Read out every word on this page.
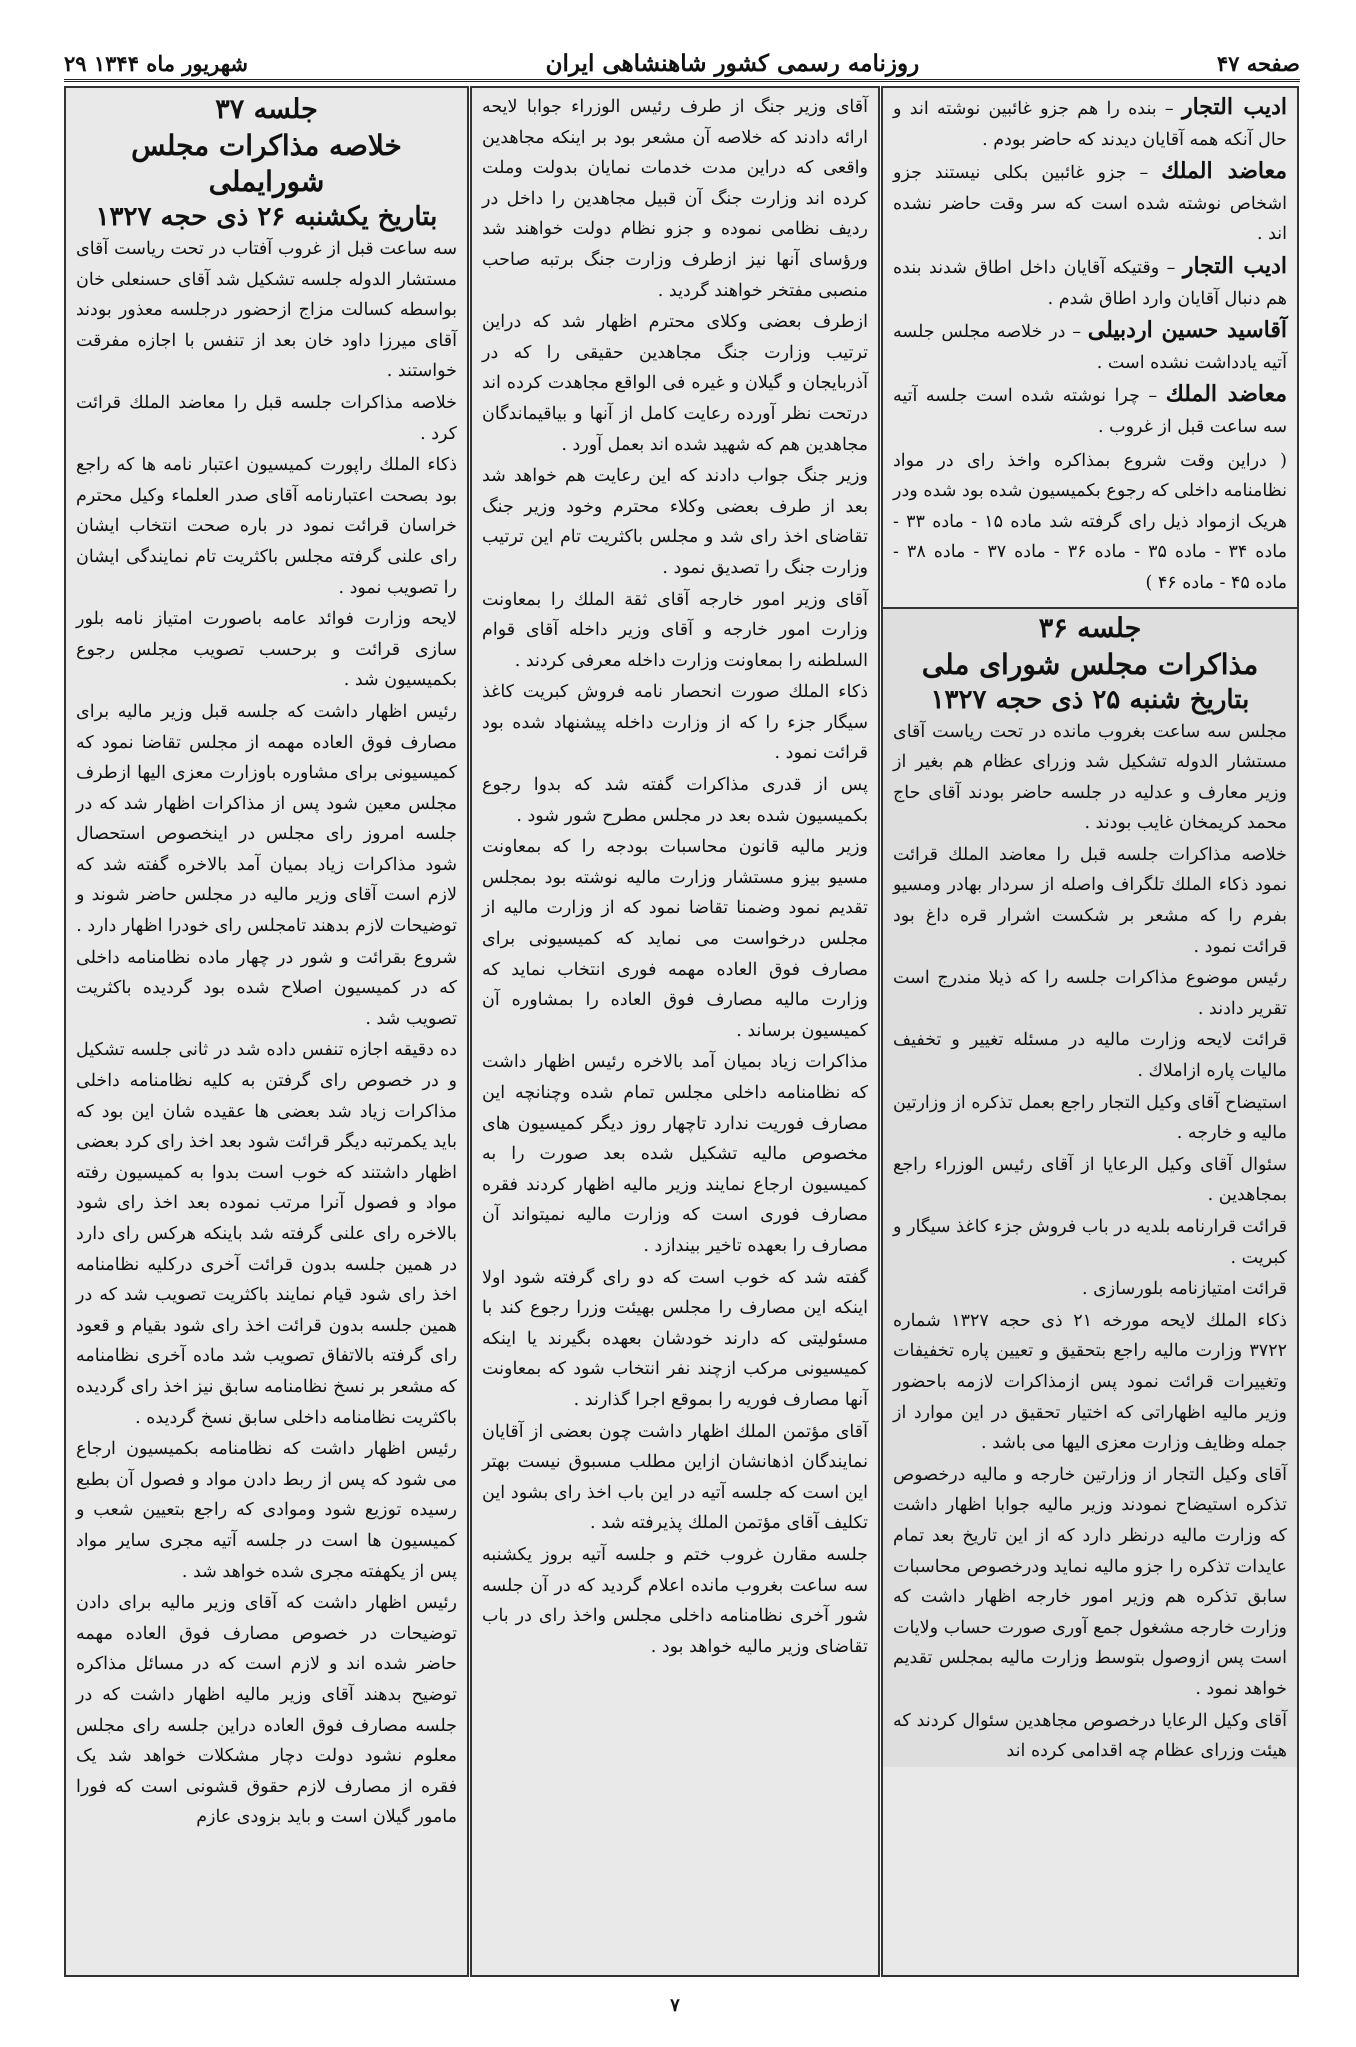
صفحه ۴۷
روزنامه رسمی کشور شاهنشاهی ایران
۲۹ شهریور ماه ۱۳۴۴

ادیب التجار – بنده را هم جزو غائبین نوشته اند و حال آنکه همه آقایان دیدند که حاضر بودم .

معاضد الملك – جزو غائبین بکلی نیستند جزو اشخاص نوشته شده است که سر وقت حاضر نشده اند .

ادیب التجار – وقتیکه آقایان داخل اطاق شدند بنده هم دنبال آقایان وارد اطاق شدم .

آقاسید حسین اردبیلی – در خلاصه مجلس جلسه آتیه یادداشت نشده است .

معاضد الملك – چرا نوشته شده است جلسه آتیه سه ساعت قبل از غروب .

( دراین وقت شروع بمذاکره واخذ رای در مواد نظامنامه داخلی که رجوع بکمیسیون شده بود شده ودر هریک ازمواد ذیل رای گرفته شد ماده ۱۵ - ماده ۳۳ - ماده ۳۴ - ماده ۳۵ - ماده ۳۶ - ماده ۳۷ - ماده ۳۸ - ماده ۴۵ - ماده ۴۶ )

جلسه ۳۶

مذاکرات مجلس شورای ملی

بتاریخ شنبه ۲۵ ذی حجه ۱۳۲۷

مجلس سه ساعت بغروب مانده در تحت ریاست آقای مستشار الدوله تشکیل شد وزرای عظام هم بغیر از وزیر معارف و عدلیه در جلسه حاضر بودند آقای حاج محمد کریمخان غایب بودند .

خلاصه مذاکرات جلسه قبل را معاضد الملك قرائت نمود ذکاء الملك تلگراف واصله از سردار بهادر ومسیو بفرم را که مشعر بر شکست اشرار قره داغ بود قرائت نمود .

رئیس موضوع مذاکرات جلسه را که ذیلا مندرج است تقریر دادند .

قرائت لایحه وزارت مالیه در مسئله تغییر و تخفیف مالیات پاره ازاملاك .

استیضاح آقای وکیل التجار راجع بعمل تذکره از وزارتین مالیه و خارجه .

سئوال آقای وکیل الرعایا از آقای رئیس الوزراء راجع بمجاهدین .

قرائت قرارنامه بلدیه در باب فروش جزء کاغذ سیگار و کبریت .

قرائت امتیازنامه بلورسازی .

ذکاء الملك لایحه مورخه ۲۱ ذی حجه ۱۳۲۷ شماره ۳۷۲۲ وزارت مالیه راجع بتحقیق و تعیین پاره تخفیفات وتغییرات قرائت نمود پس ازمذاکرات لازمه باحضور وزیر مالیه اظهاراتی که اختیار تحقیق در این موارد از جمله وظایف وزارت معزی الیها می باشد .

آقای وکیل التجار از وزارتین خارجه و مالیه درخصوص تذکره استیضاح نمودند وزیر مالیه جوابا اظهار داشت که وزارت مالیه درنظر دارد که از این تاریخ بعد تمام عایدات تذکره را جزو مالیه نماید ودرخصوص محاسبات سابق تذکره هم وزیر امور خارجه اظهار داشت که وزارت خارجه مشغول جمع آوری صورت حساب ولایات است پس ازوصول بتوسط وزارت مالیه بمجلس تقدیم خواهد نمود .

آقای وکیل الرعایا درخصوص مجاهدین سئوال کردند که هیئت وزرای عظام چه اقدامی کرده اند

آقای وزیر جنگ از طرف رئیس الوزراء جوابا لایحه ارائه دادند که خلاصه آن مشعر بود بر اینکه مجاهدین واقعی که دراین مدت خدمات نمایان بدولت وملت کرده اند وزارت جنگ آن قبیل مجاهدین را داخل در ردیف نظامی نموده و جزو نظام دولت خواهند شد ورؤسای آنها نیز ازطرف وزارت جنگ برتبه صاحب منصبی مفتخر خواهند گردید .

ازطرف بعضی وکلای محترم اظهار شد که دراین ترتیب وزارت جنگ مجاهدین حقیقی را که در آذربایجان و گیلان و غیره فی الواقع مجاهدت کرده اند درتحت نظر آورده رعایت کامل از آنها و بیاقیماندگان مجاهدین هم که شهید شده اند بعمل آورد .

وزیر جنگ جواب دادند که این رعایت هم خواهد شد بعد از طرف بعضی وکلاء محترم وخود وزیر جنگ تقاضای اخذ رای شد و مجلس باکثریت تام این ترتیب وزارت جنگ را تصدیق نمود .

آقای وزیر امور خارجه آقای ثقة الملك را بمعاونت وزارت امور خارجه و آقای وزیر داخله آقای قوام السلطنه را بمعاونت وزارت داخله معرفی کردند .

ذکاء الملك صورت انحصار نامه فروش کبریت کاغذ سیگار جزء را که از وزارت داخله پیشنهاد شده بود قرائت نمود .

پس از قدری مذاکرات گفته شد که بدوا رجوع بکمیسیون شده بعد در مجلس مطرح شور شود .

وزیر مالیه قانون محاسبات بودجه را که بمعاونت مسیو بیزو مستشار وزارت مالیه نوشته بود بمجلس تقدیم نمود وضمنا تقاضا نمود که از وزارت مالیه از مجلس درخواست می نماید که کمیسیونی برای مصارف فوق العاده مهمه فوری انتخاب نماید که وزارت مالیه مصارف فوق العاده را بمشاوره آن کمیسیون برساند .

مذاکرات زیاد بمیان آمد بالاخره رئیس اظهار داشت که نظامنامه داخلی مجلس تمام شده وچنانچه این مصارف فوریت ندارد تاچهار روز دیگر کمیسیون های مخصوص مالیه تشکیل شده بعد صورت را به کمیسیون ارجاع نمایند وزیر مالیه اظهار کردند فقره مصارف فوری است که وزارت مالیه نمیتواند آن مصارف را بعهده تاخیر بیندازد .

گفته شد که خوب است که دو رای گرفته شود اولا اینکه این مصارف را مجلس بهیئت وزرا رجوع کند با مسئولیتی که دارند خودشان بعهده بگیرند یا اینکه کمیسیونی مرکب ازچند نفر انتخاب شود که بمعاونت آنها مصارف فوریه را بموقع اجرا گذارند .

آقای مؤتمن الملك اظهار داشت چون بعضی از آقایان نمایندگان اذهانشان ازاین مطلب مسبوق نیست بهتر این است که جلسه آتیه در این باب اخذ رای بشود این تکلیف آقای مؤتمن الملك پذیرفته شد .

جلسه مقارن غروب ختم و جلسه آتیه بروز یکشنبه سه ساعت بغروب مانده اعلام گردید که در آن جلسه شور آخری نظامنامه داخلی مجلس واخذ رای در باب تقاضای وزیر مالیه خواهد بود .

جلسه ۳۷

خلاصه مذاکرات مجلس شورایملی

بتاریخ یکشنبه ۲۶ ذی حجه ۱۳۲۷

سه ساعت قبل از غروب آفتاب در تحت ریاست آقای مستشار الدوله جلسه تشکیل شد آقای حسنعلی خان بواسطه کسالت مزاج ازحضور درجلسه معذور بودند آقای میرزا داود خان بعد از تنفس با اجازه مفرقت خواستند .

خلاصه مذاکرات جلسه قبل را معاضد الملك قرائت کرد .

ذکاء الملك راپورت کمیسیون اعتبار نامه ها که راجع بود بصحت اعتبارنامه آقای صدر العلماء وکیل محترم خراسان قرائت نمود در باره صحت انتخاب ایشان رای علنی گرفته مجلس باکثریت تام نمایندگی ایشان را تصویب نمود .

لایحه وزارت فوائد عامه باصورت امتیاز نامه بلور سازی قرائت و برحسب تصویب مجلس رجوع بکمیسیون شد .

رئیس اظهار داشت که جلسه قبل وزیر مالیه برای مصارف فوق العاده مهمه از مجلس تقاضا نمود که کمیسیونی برای مشاوره باوزارت معزی الیها ازطرف مجلس معین شود پس از مذاکرات اظهار شد که در جلسه امروز رای مجلس در اینخصوص استحصال شود مذاکرات زیاد بمیان آمد بالاخره گفته شد که لازم است آقای وزیر مالیه در مجلس حاضر شوند و توضیحات لازم بدهند تامجلس رای خودرا اظهار دارد .

شروع بقرائت و شور در چهار ماده نظامنامه داخلی که در کمیسیون اصلاح شده بود گردیده باکثریت تصویب شد .

ده دقیقه اجازه تنفس داده شد در ثانی جلسه تشکیل و در خصوص رای گرفتن به کلیه نظامنامه داخلی مذاکرات زیاد شد بعضی ها عقیده شان این بود که باید یکمرتبه دیگر قرائت شود بعد اخذ رای کرد بعضی اظهار داشتند که خوب است بدوا به کمیسیون رفته مواد و فصول آنرا مرتب نموده بعد اخذ رای شود بالاخره رای علنی گرفته شد باینکه هرکس رای دارد در همین جلسه بدون قرائت آخری درکلیه نظامنامه اخذ رای شود قیام نمایند باکثریت تصویب شد که در همین جلسه بدون قرائت اخذ رای شود بقیام و قعود رای گرفته بالاتفاق تصویب شد ماده آخری نظامنامه که مشعر بر نسخ نظامنامه سابق نیز اخذ رای گردیده باکثریت نظامنامه داخلی سابق نسخ گردیده .

رئیس اظهار داشت که نظامنامه بکمیسیون ارجاع می شود که پس از ربط دادن مواد و فصول آن بطبع رسیده توزیع شود وموادی که راجع بتعیین شعب و کمیسیون ها است در جلسه آتیه مجری سایر مواد پس از یکهفته مجری شده خواهد شد .

رئیس اظهار داشت که آقای وزیر مالیه برای دادن توضیحات در خصوص مصارف فوق العاده مهمه حاضر شده اند و لازم است که در مسائل مذاکره توضیح بدهند آقای وزیر مالیه اظهار داشت که در جلسه مصارف فوق العاده دراین جلسه رای مجلس معلوم نشود دولت دچار مشکلات خواهد شد یک فقره از مصارف لازم حقوق قشونی است که فورا مامور گیلان است و باید بزودی عازم

۷
